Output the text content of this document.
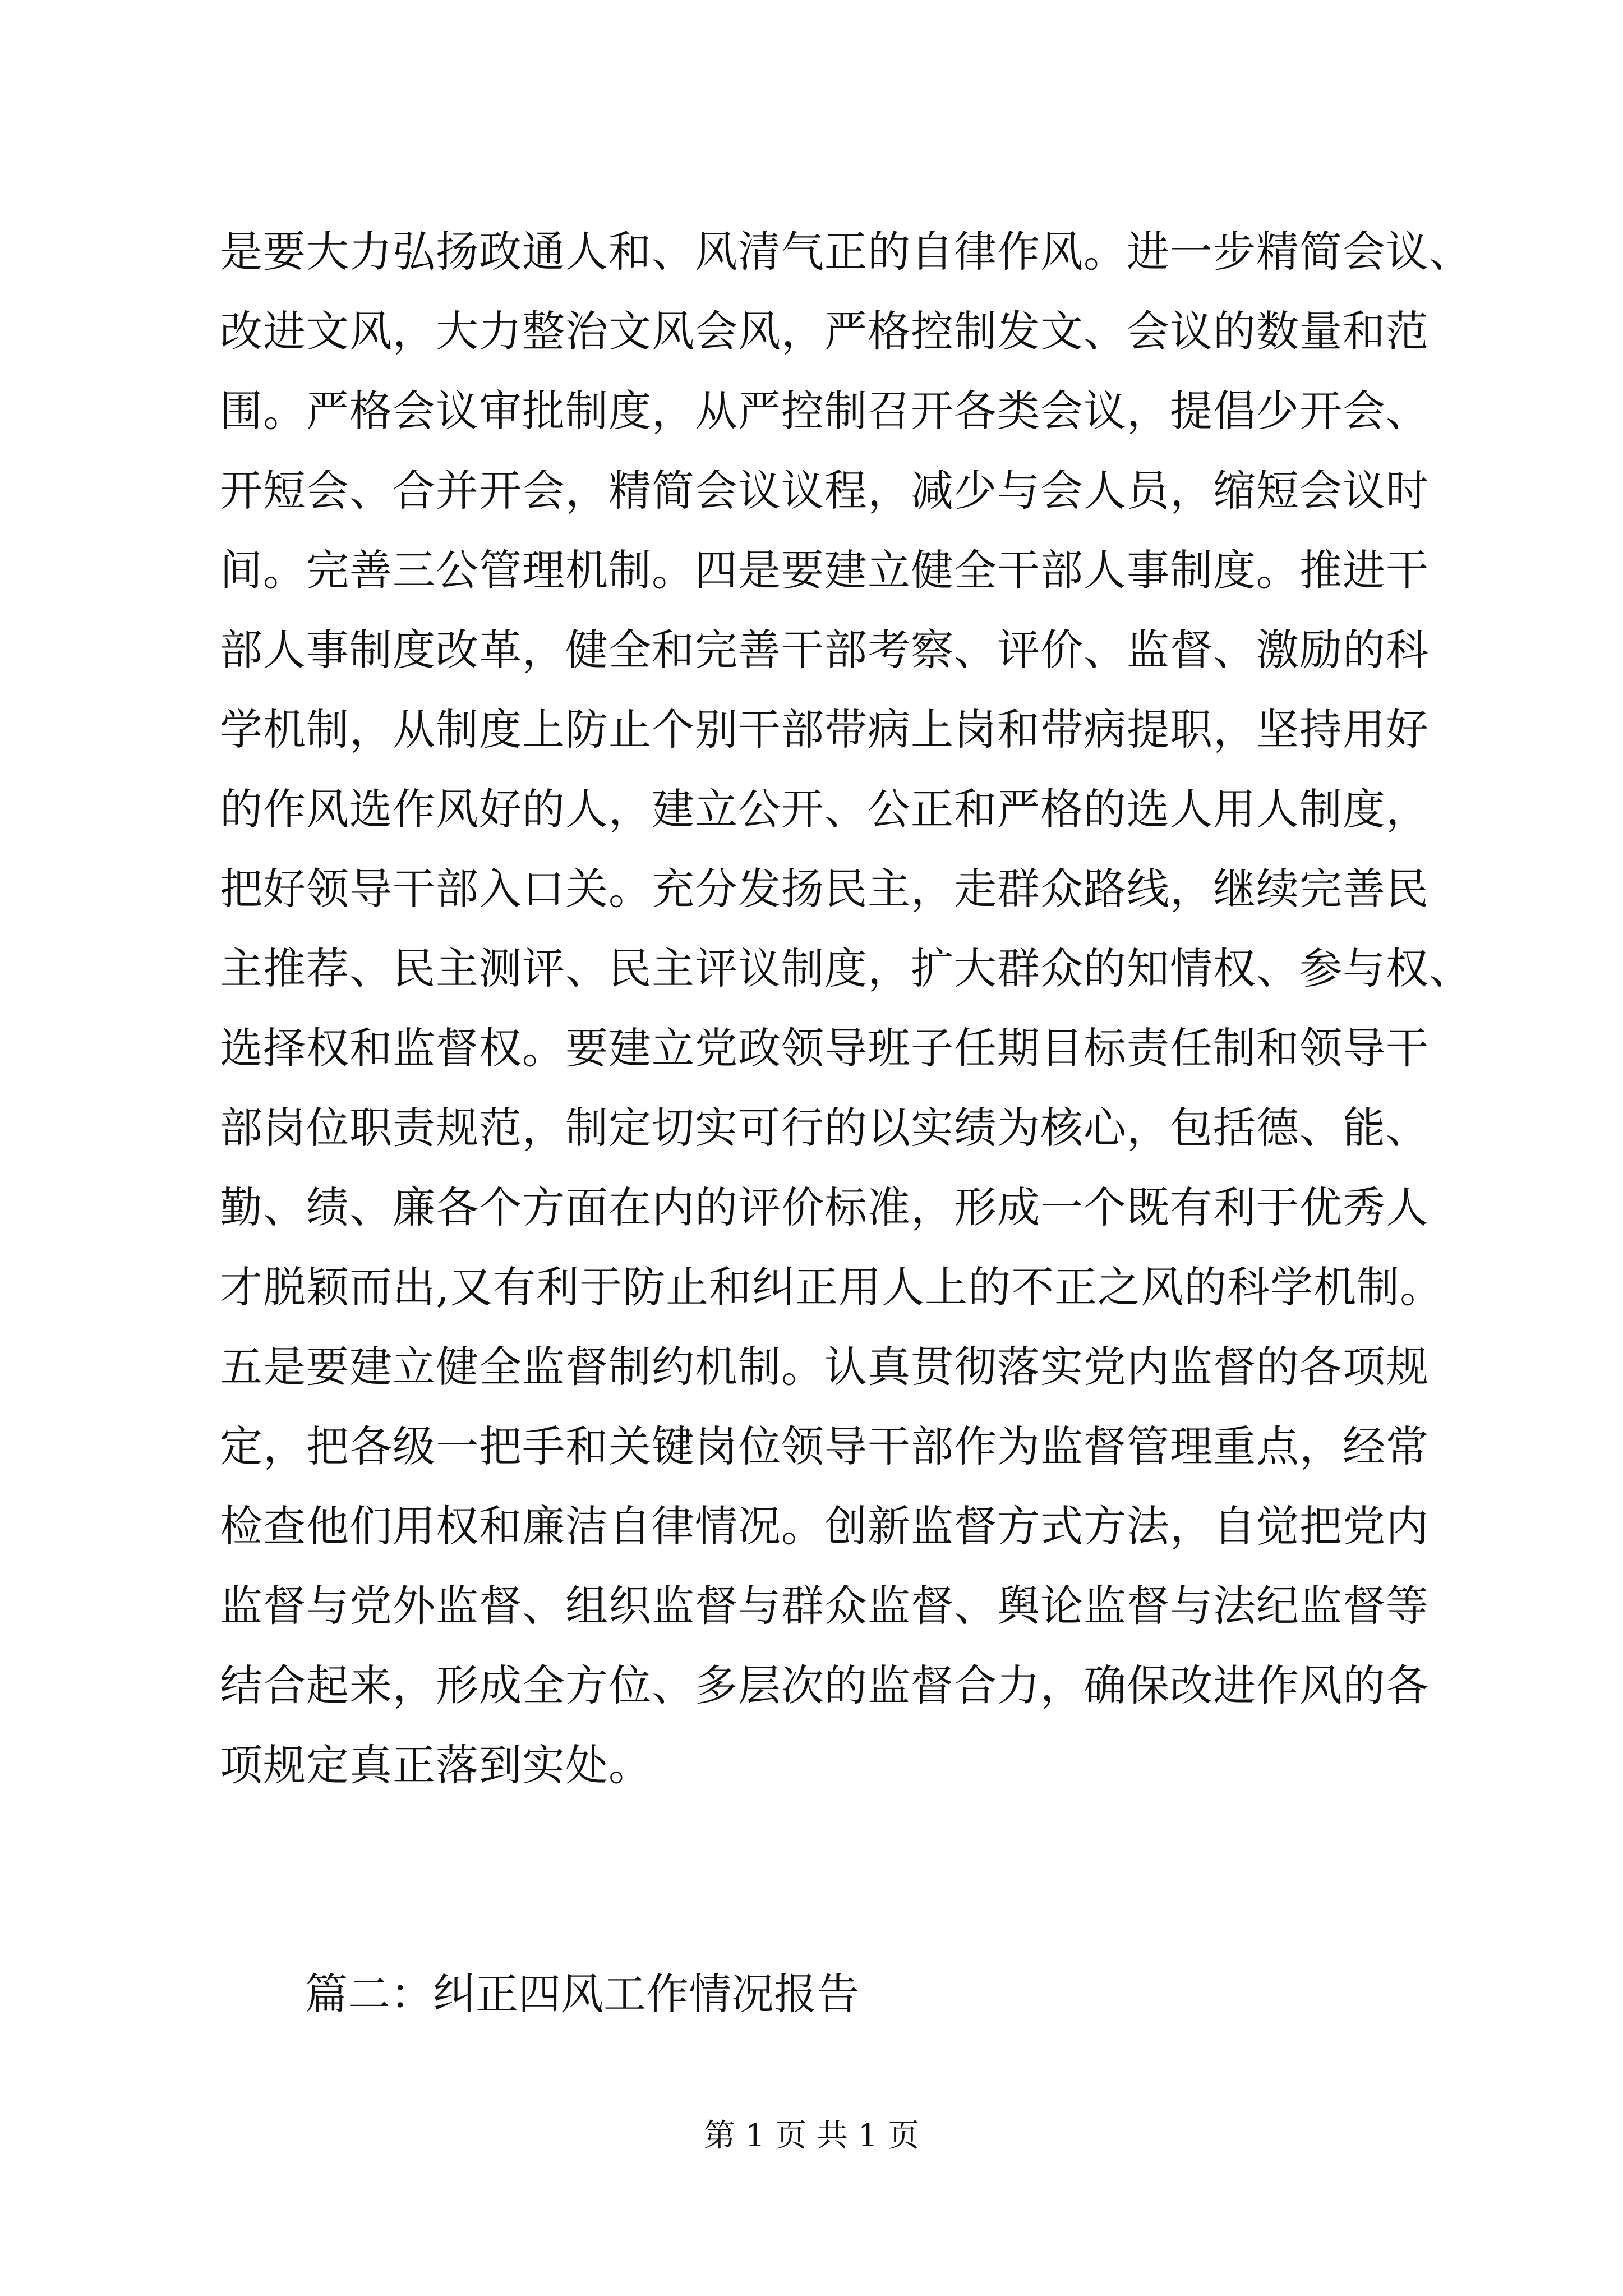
是要大力弘扬政通人和、风清气正的自律作风。进一步精简会议、
改进文风，大力整治文风会风，严格控制发文、会议的数量和范
围。严格会议审批制度，从严控制召开各类会议，提倡少开会、
开短会、合并开会，精简会议议程，减少与会人员，缩短会议时
间。完善三公管理机制。四是要建立健全干部人事制度。推进干
部人事制度改革，健全和完善干部考察、评价、监督、激励的科
学机制，从制度上防止个别干部带病上岗和带病提职，坚持用好
的作风选作风好的人，建立公开、公正和严格的选人用人制度，
把好领导干部入口关。充分发扬民主，走群众路线，继续完善民
主推荐、民主测评、民主评议制度，扩大群众的知情权、参与权、
选择权和监督权。要建立党政领导班子任期目标责任制和领导干
部岗位职责规范，制定切实可行的以实绩为核心，包括德、能、
勤、绩、廉各个方面在内的评价标准，形成一个既有利于优秀人
才脱颖而出,又有利于防止和纠正用人上的不正之风的科学机制。
五是要建立健全监督制约机制。认真贯彻落实党内监督的各项规
定，把各级一把手和关键岗位领导干部作为监督管理重点，经常
检查他们用权和廉洁自律情况。创新监督方式方法，自觉把党内
监督与党外监督、组织监督与群众监督、舆论监督与法纪监督等
结合起来，形成全方位、多层次的监督合力，确保改进作风的各
项规定真正落到实处。
篇二：纠正四风工作情况报告
第 1 页 共 1 页
